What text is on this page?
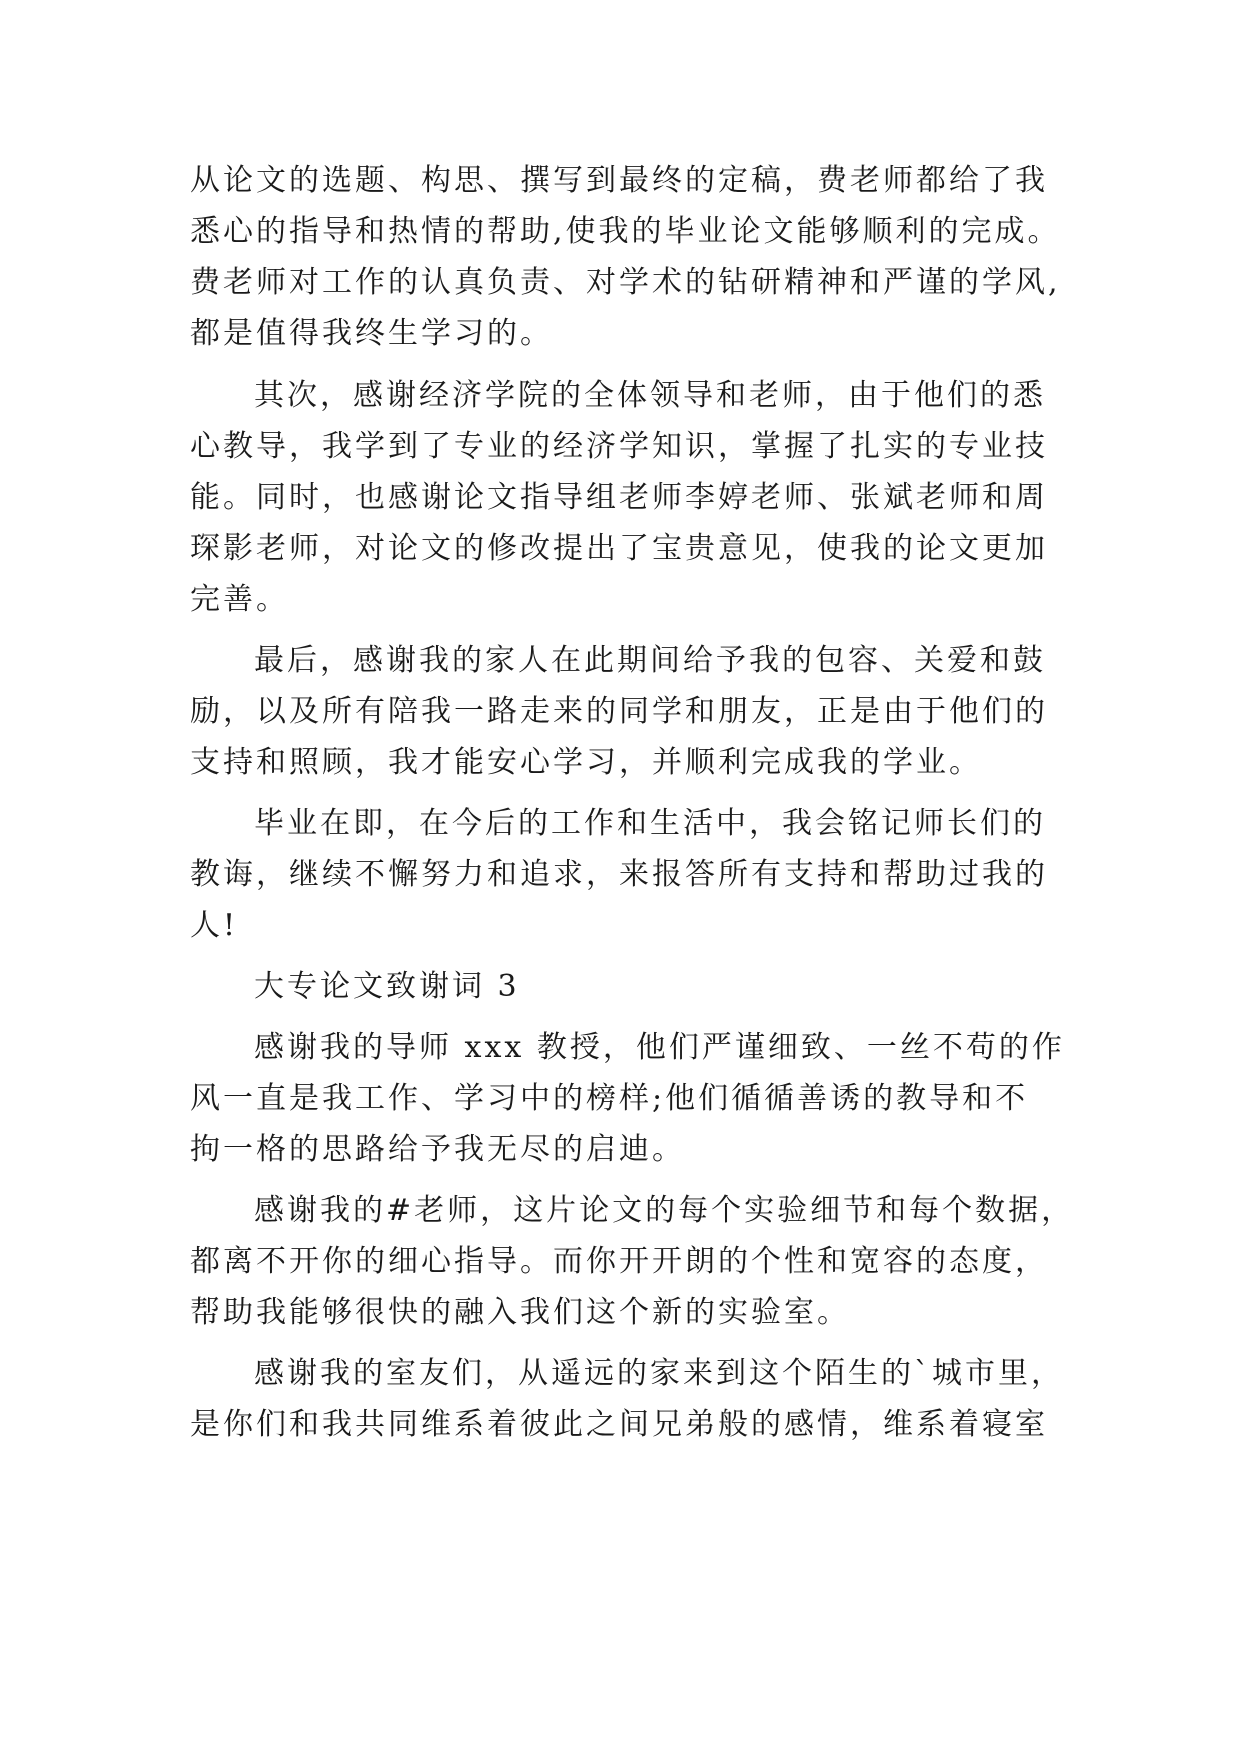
从论文的选题、构思、撰写到最终的定稿，费老师都给了我
悉心的指导和热情的帮助,使我的毕业论文能够顺利的完成。
费老师对工作的认真负责、对学术的钻研精神和严谨的学风,
都是值得我终生学习的。
其次，感谢经济学院的全体领导和老师，由于他们的悉
心教导，我学到了专业的经济学知识，掌握了扎实的专业技
能。同时，也感谢论文指导组老师李婷老师、张斌老师和周
琛影老师，对论文的修改提出了宝贵意见，使我的论文更加
完善。
最后，感谢我的家人在此期间给予我的包容、关爱和鼓
励，以及所有陪我一路走来的同学和朋友，正是由于他们的
支持和照顾，我才能安心学习，并顺利完成我的学业。
毕业在即，在今后的工作和生活中，我会铭记师长们的
教诲，继续不懈努力和追求，来报答所有支持和帮助过我的
人!
大专论文致谢词 3
感谢我的导师 xxx 教授，他们严谨细致、一丝不苟的作
风一直是我工作、学习中的榜样;他们循循善诱的教导和不
拘一格的思路给予我无尽的启迪。
感谢我的#老师，这片论文的每个实验细节和每个数据，
都离不开你的细心指导。而你开开朗的个性和宽容的态度，
帮助我能够很快的融入我们这个新的实验室。
感谢我的室友们，从遥远的家来到这个陌生的`城市里，
是你们和我共同维系着彼此之间兄弟般的感情，维系着寝室
